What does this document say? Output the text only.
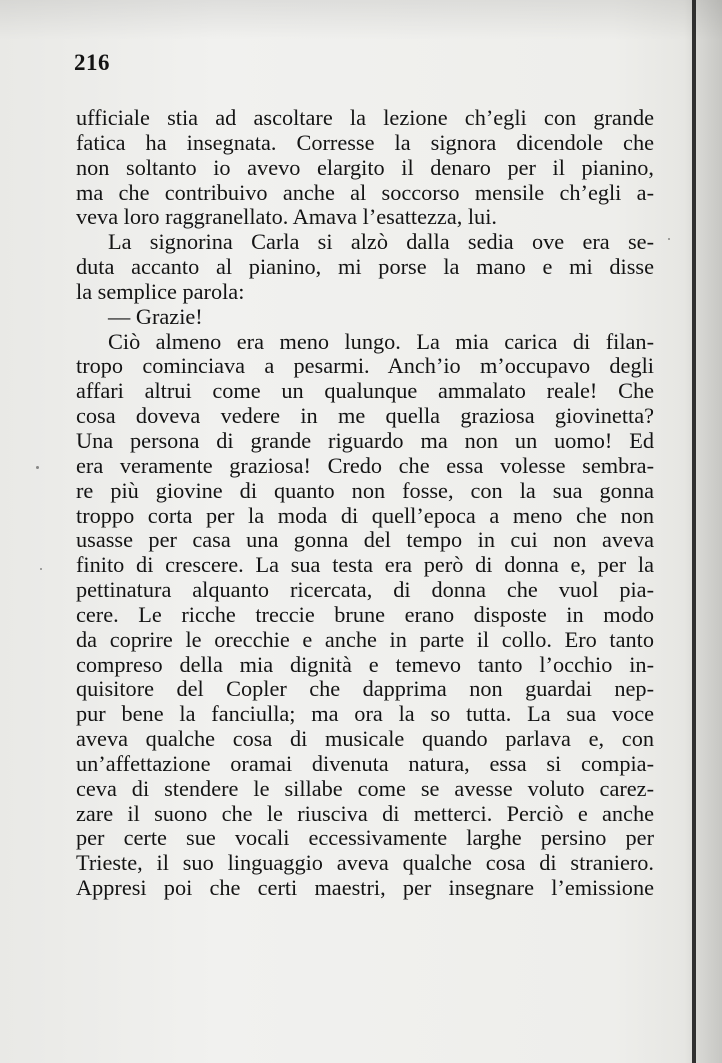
216
ufficiale stia ad ascoltare la lezione ch’egli con grande
fatica ha insegnata. Corresse la signora dicendole che
non soltanto io avevo elargito il denaro per il pianino,
ma che contribuivo anche al soccorso mensile ch’egli a-
veva loro raggranellato. Amava l’esattezza, lui.
La signorina Carla si alzò dalla sedia ove era se-
duta accanto al pianino, mi porse la mano e mi disse
la semplice parola:
— Grazie!
Ciò almeno era meno lungo. La mia carica di filan-
tropo cominciava a pesarmi. Anch’io m’occupavo degli
affari altrui come un qualunque ammalato reale! Che
cosa doveva vedere in me quella graziosa giovinetta?
Una persona di grande riguardo ma non un uomo! Ed
era veramente graziosa! Credo che essa volesse sembra-
re più giovine di quanto non fosse, con la sua gonna
troppo corta per la moda di quell’epoca a meno che non
usasse per casa una gonna del tempo in cui non aveva
finito di crescere. La sua testa era però di donna e, per la
pettinatura alquanto ricercata, di donna che vuol pia-
cere. Le ricche treccie brune erano disposte in modo
da coprire le orecchie e anche in parte il collo. Ero tanto
compreso della mia dignità e temevo tanto l’occhio in-
quisitore del Copler che dapprima non guardai nep-
pur bene la fanciulla; ma ora la so tutta. La sua voce
aveva qualche cosa di musicale quando parlava e, con
un’affettazione oramai divenuta natura, essa si compia-
ceva di stendere le sillabe come se avesse voluto carez-
zare il suono che le riusciva di metterci. Perciò e anche
per certe sue vocali eccessivamente larghe persino per
Trieste, il suo linguaggio aveva qualche cosa di straniero.
Appresi poi che certi maestri, per insegnare l’emissione
